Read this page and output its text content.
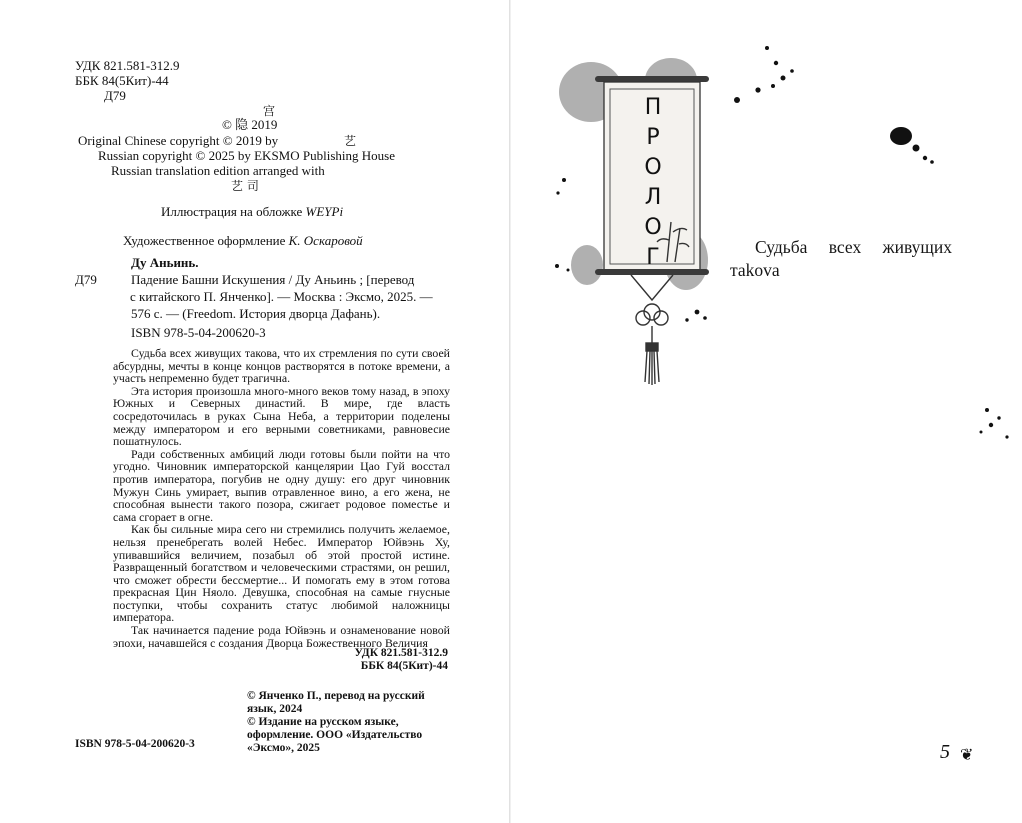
УДК 821.581-312.9
ББК 84(5Кит)-44
Д79
宫
© 隐 2019
Original Chinese copyright © 2019 by	艺
Russian copyright © 2025 by EKSMO Publishing House
Russian translation edition arranged with
艺 司
Иллюстрация на обложке WEYPi
Художественное оформление К. Оскаровой
Ду Аньинь.
Д79	Падение Башни Искушения / Ду Аньинь ; [перевод
с китайского П. Янченко]. — Москва : Эксмо, 2025. —
576 с. — (Freedom. История дворца Дафань).
ISBN 978-5-04-200620-3

Судьба всех живущих такова, что их стремления по сути своей абсурдны, мечты в конце концов растворятся в потоке времени, а участь непременно будет трагична.

Эта история произошла много-много веков тому назад, в эпоху Южных и Северных династий. В мире, где власть сосредоточилась в руках Сына Неба, а территории поделены между императором и его верными советниками, равновесие пошатнулось.

Ради собственных амбиций люди готовы были пойти на что угодно. Чиновник императорской канцелярии Цао Гуй восстал против императора, погубив не одну душу: его друг чиновник Мужун Синь умирает, выпив отравленное вино, а его жена, не способная вынести такого позора, сжигает родовое поместье и сама сгорает в огне.

Как бы сильные мира сего ни стремились получить желаемое, нельзя пренебрегать волей Небес. Император Юйвэнь Ху, упивавшийся величием, позабыл об этой простой истине. Развращенный богатством и человеческими страстями, он решил, что сможет обрести бессмертие... И помогать ему в этом готова прекрасная Цин Няоло. Девушка, способная на самые гнусные поступки, чтобы сохранить статус любимой наложницы императора.

Так начинается падение рода Юйвэнь и ознаменование новой эпохи, начавшейся с создания Дворца Божественного Величия

УДК 821.581-312.9
ББК 84(5Кит)-44
© Янченко П., перевод на русский язык, 2024
© Издание на русском языке, оформление. ООО «Издательство «Эксмо», 2025
ISBN 978-5-04-200620-3
❦
П
Р
О
Л
О
Г	Судьба всех живущих таkova

5
